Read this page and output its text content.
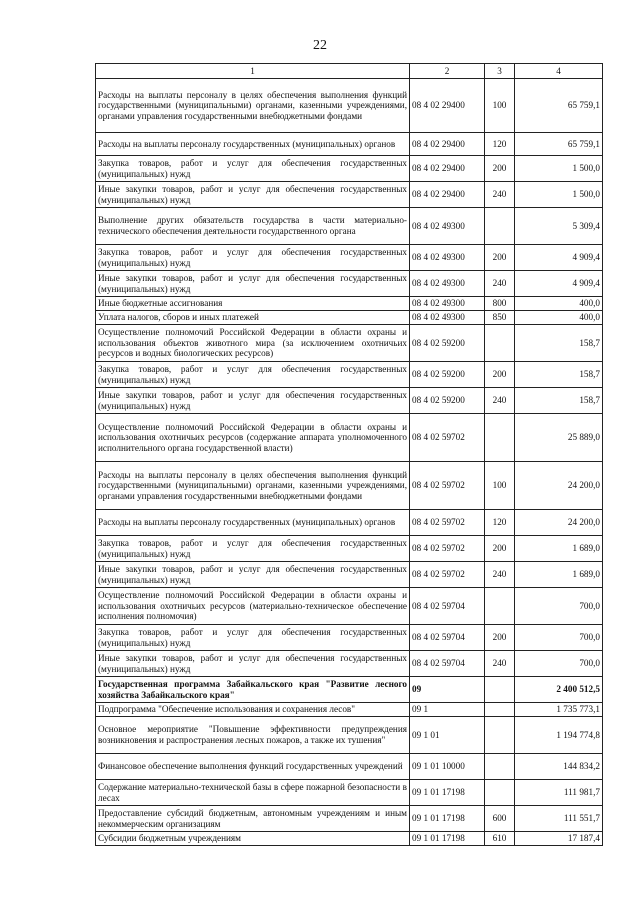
22
1	2	3	4
Расходы на выплаты персоналу в целях обеспечения выполнения функций государственными (муниципальными) органами, казенными учреждениями, органами управления государственными внебюджетными фондами	08 4 02 29400	100	65 759,1
Расходы на выплаты персоналу государственных (муниципальных) органов	08 4 02 29400	120	65 759,1
Закупка товаров, работ и услуг для обеспечения государственных (муниципальных) нужд	08 4 02 29400	200	1 500,0
Иные закупки товаров, работ и услуг для обеспечения государственных (муниципальных) нужд	08 4 02 29400	240	1 500,0
Выполнение других обязательств государства в части материально-технического обеспечения деятельности государственного органа	08 4 02 49300		5 309,4
Закупка товаров, работ и услуг для обеспечения государственных (муниципальных) нужд	08 4 02 49300	200	4 909,4
Иные закупки товаров, работ и услуг для обеспечения государственных (муниципальных) нужд	08 4 02 49300	240	4 909,4
Иные бюджетные ассигнования	08 4 02 49300	800	400,0
Уплата налогов, сборов и иных платежей	08 4 02 49300	850	400,0
Осуществление полномочий Российской Федерации в области охраны и использования объектов животного мира (за исключением охотничьих ресурсов и водных биологических ресурсов)	08 4 02 59200		158,7
Закупка товаров, работ и услуг для обеспечения государственных (муниципальных) нужд	08 4 02 59200	200	158,7
Иные закупки товаров, работ и услуг для обеспечения государственных (муниципальных) нужд	08 4 02 59200	240	158,7
Осуществление полномочий Российской Федерации в области охраны и использования охотничьих ресурсов (содержание аппарата уполномоченного исполнительного органа государственной власти)	08 4 02 59702		25 889,0
Расходы на выплаты персоналу в целях обеспечения выполнения функций государственными (муниципальными) органами, казенными учреждениями, органами управления государственными внебюджетными фондами	08 4 02 59702	100	24 200,0
Расходы на выплаты персоналу государственных (муниципальных) органов	08 4 02 59702	120	24 200,0
Закупка товаров, работ и услуг для обеспечения государственных (муниципальных) нужд	08 4 02 59702	200	1 689,0
Иные закупки товаров, работ и услуг для обеспечения государственных (муниципальных) нужд	08 4 02 59702	240	1 689,0
Осуществление полномочий Российской Федерации в области охраны и использования охотничьих ресурсов (материально-техническое обеспечение исполнения полномочия)	08 4 02 59704		700,0
Закупка товаров, работ и услуг для обеспечения государственных (муниципальных) нужд	08 4 02 59704	200	700,0
Иные закупки товаров, работ и услуг для обеспечения государственных (муниципальных) нужд	08 4 02 59704	240	700,0
Государственная программа Забайкальского края "Развитие лесного хозяйства Забайкальского края"	09		2 400 512,5
Подпрограмма "Обеспечение использования и сохранения лесов"	09 1		1 735 773,1
Основное мероприятие "Повышение эффективности предупреждения возникновения и распространения лесных пожаров, а также их тушения"	09 1 01		1 194 774,8
Финансовое обеспечение выполнения функций государственных учреждений	09 1 01 10000		144 834,2
Содержание материально-технической базы в сфере пожарной безопасности в лесах	09 1 01 17198		111 981,7
Предоставление субсидий бюджетным, автономным учреждениям и иным некоммерческим организациям	09 1 01 17198	600	111 551,7
Субсидии бюджетным учреждениям	09 1 01 17198	610	17 187,4
